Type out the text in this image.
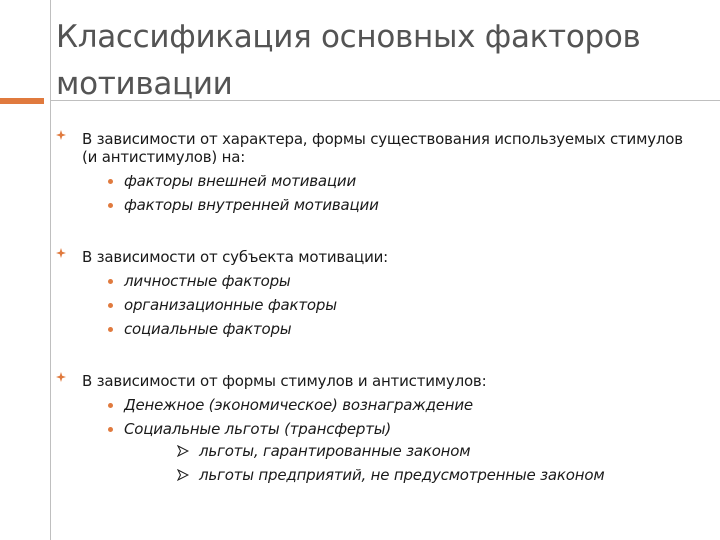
Классификация основных факторов мотивации
В зависимости от характера, формы существования используемых стимулов (и антистимулов) на:
факторы внешней мотивации
факторы внутренней мотивации
В зависимости от субъекта мотивации:
личностные факторы
организационные факторы
социальные факторы
В зависимости от формы стимулов и антистимулов:
Денежное (экономическое) вознаграждение
Социальные льготы (трансферты)
льготы, гарантированные законом
льготы предприятий, не предусмотренные законом
